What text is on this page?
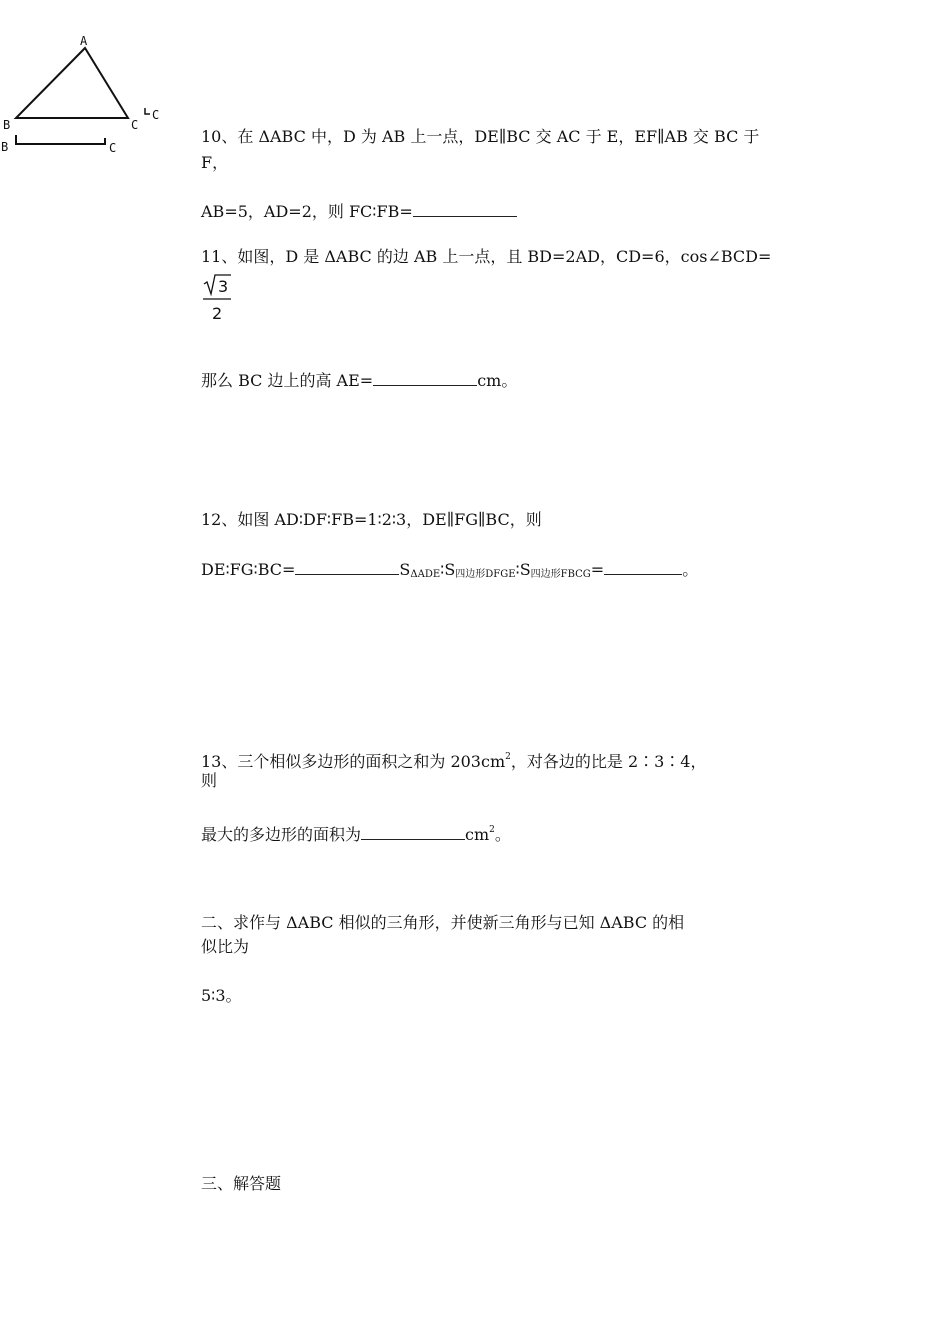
A
B	C
C
B	C
10、在 ΔABC 中，D 为 AB 上一点，DE∥BC 交 AC 于 E，EF∥AB 交 BC 于
F，
AB=5，AD=2，则 FC∶FB=
11、如图，D 是 ΔABC 的边 AB 上一点，且 BD=2AD，CD=6，cos∠BCD=
3
2
那么 BC 边上的高 AE=	cm。
12、如图 AD∶DF∶FB=1∶2∶3，DE∥FG∥BC，则
DE∶FG∶BC=	$S_{\Delta ADE}∶S_{四边形DFGE}∶S_{四边形FBCG}=$	。
13、三个相似多边形的面积之和为 $203cm^2$，对各边的比是 2∶3∶4，
则
最大的多边形的面积为	$cm^2$。
二、求作与 ΔABC 相似的三角形，并使新三角形与已知 ΔABC 的相
似比为
5∶3。
三、解答题
